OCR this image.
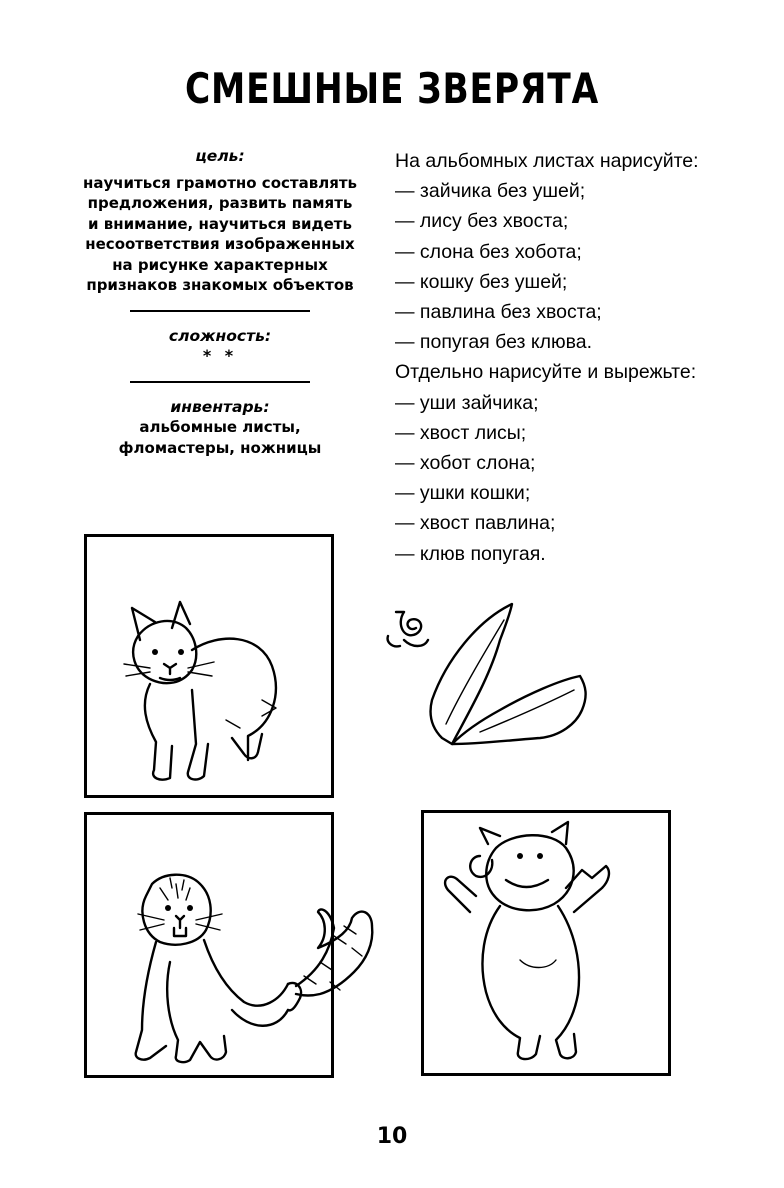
СМЕШНЫЕ ЗВЕРЯТА
цель:
научиться грамотно составлять
предложения, развить память
и внимание, научиться видеть
несоответствия изображенных
на рисунке характерных
признаков знакомых объектов
сложность:
* *
инвентарь:
альбомные листы,
фломастеры, ножницы
На альбомных листах нарисуйте:
— зайчика без ушей;
— лису без хвоста;
— слона без хобота;
— кошку без ушей;
— павлина без хвоста;
— попугая без клюва.
Отдельно нарисуйте и вырежьте:
— уши зайчика;
— хвост лисы;
— хобот слона;
— ушки кошки;
— хвост павлина;
— клюв попугая.
10
